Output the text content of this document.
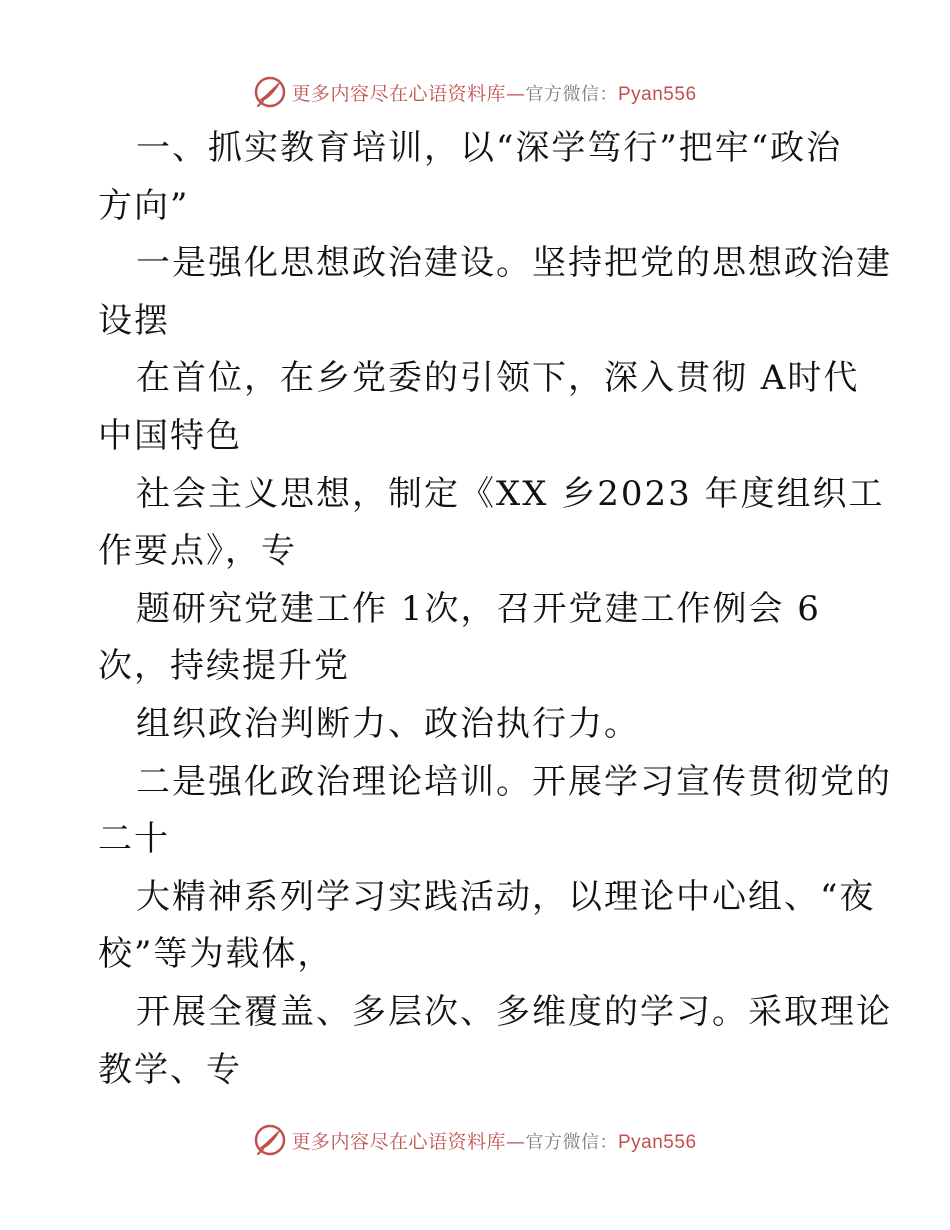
更多内容尽在心语资料库—官方微信：Pyan556
一、抓实教育培训，以“深学笃行”把牢“政治
方向”
一是强化思想政治建设。坚持把党的思想政治建
设摆
在首位，在乡党委的引领下，深入贯彻 A时代
中国特色
社会主义思想，制定《XX 乡2023 年度组织工
作要点》，专
题研究党建工作 1次，召开党建工作例会 6
次，持续提升党
组织政治判断力、政治执行力。
二是强化政治理论培训。开展学习宣传贯彻党的
二十
大精神系列学习实践活动，以理论中心组、“夜
校”等为载体，
开展全覆盖、多层次、多维度的学习。采取理论
教学、专
更多内容尽在心语资料库—官方微信：Pyan556
